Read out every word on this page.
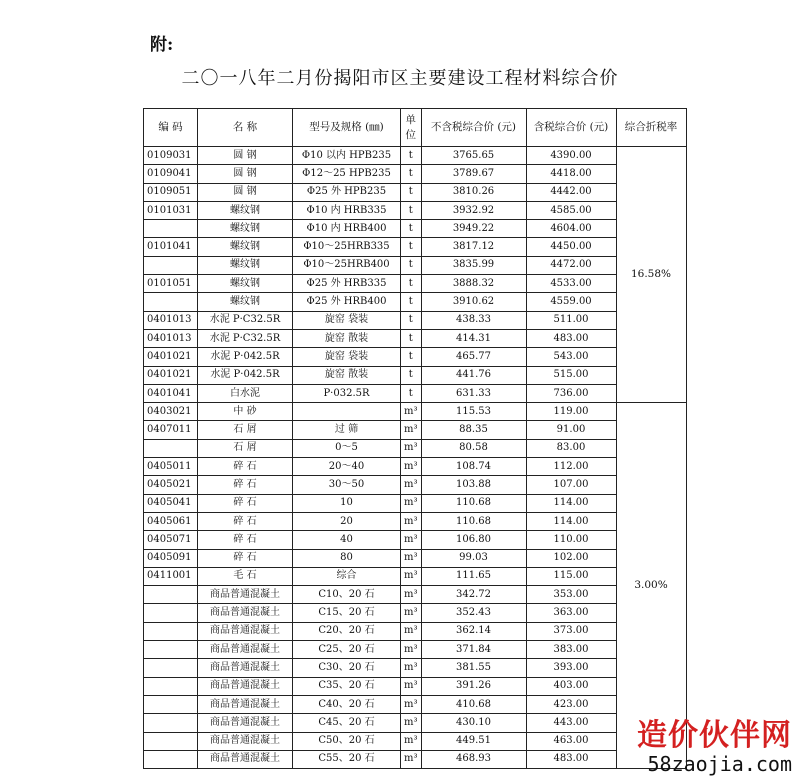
附:
二〇一八年二月份揭阳市区主要建设工程材料综合价
编 码	名 称	型号及规格 (㎜)	单位	不含税综合价 (元)	含税综合价 (元)	综合折税率
0109031	圆 钢	Φ10 以内 HPB235	t	3765.65	4390.00	16.58%
0109041	圆 钢	Φ12～25 HPB235	t	3789.67	4418.00	
0109051	圆 钢	Φ25 外 HPB235	t	3810.26	4442.00	
0101031	螺纹钢	Φ10 内 HRB335	t	3932.92	4585.00	
	螺纹钢	Φ10 内 HRB400	t	3949.22	4604.00	
0101041	螺纹钢	Φ10～25HRB335	t	3817.12	4450.00	
	螺纹钢	Φ10～25HRB400	t	3835.99	4472.00	
0101051	螺纹钢	Φ25 外 HRB335	t	3888.32	4533.00	
	螺纹钢	Φ25 外 HRB400	t	3910.62	4559.00	
0401013	水泥 P·C32.5R	旋窑 袋装	t	438.33	511.00	
0401013	水泥 P·C32.5R	旋窑 散装	t	414.31	483.00	
0401021	水泥 P·042.5R	旋窑 袋装	t	465.77	543.00	
0401021	水泥 P·042.5R	旋窑 散装	t	441.76	515.00	
0401041	白水泥	P·032.5R	t	631.33	736.00	
0403021	中 砂		m³	115.53	119.00	3.00%
0407011	石 屑	过 筛	m³	88.35	91.00	
	石 屑	0～5	m³	80.58	83.00	
0405011	碎 石	20～40	m³	108.74	112.00	
0405021	碎 石	30～50	m³	103.88	107.00	
0405041	碎 石	10	m³	110.68	114.00	
0405061	碎 石	20	m³	110.68	114.00	
0405071	碎 石	40	m³	106.80	110.00	
0405091	碎 石	80	m³	99.03	102.00	
0411001	毛 石	综合	m³	111.65	115.00	
	商品普通混凝土	C10、20 石	m³	342.72	353.00	
	商品普通混凝土	C15、20 石	m³	352.43	363.00	
	商品普通混凝土	C20、20 石	m³	362.14	373.00	
	商品普通混凝土	C25、20 石	m³	371.84	383.00	
	商品普通混凝土	C30、20 石	m³	381.55	393.00	
	商品普通混凝土	C35、20 石	m³	391.26	403.00	
	商品普通混凝土	C40、20 石	m³	410.68	423.00	
	商品普通混凝土	C45、20 石	m³	430.10	443.00	
	商品普通混凝土	C50、20 石	m³	449.51	463.00	
	商品普通混凝土	C55、20 石	m³	468.93	483.00	
造价伙伴网
58zaojia.com
